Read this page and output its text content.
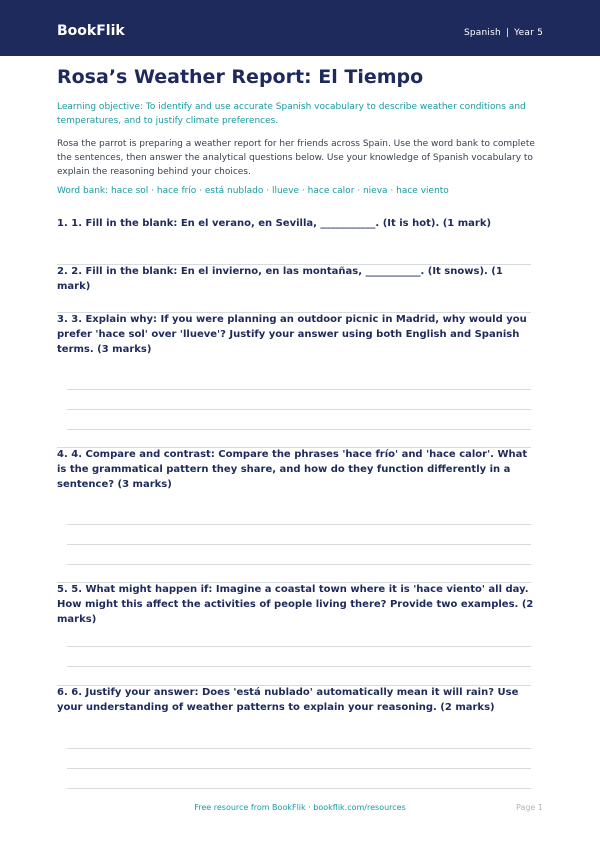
BookFlik	Spanish | Year 5
Rosa’s Weather Report: El Tiempo
Learning objective: To identify and use accurate Spanish vocabulary to describe weather conditions and temperatures, and to justify climate preferences.
Rosa the parrot is preparing a weather report for her friends across Spain. Use the word bank to complete the sentences, then answer the analytical questions below. Use your knowledge of Spanish vocabulary to explain the reasoning behind your choices.
Word bank: hace sol · hace frío · está nublado · llueve · hace calor · nieva · hace viento
1. 1. Fill in the blank: En el verano, en Sevilla, ___________. (It is hot). (1 mark)
2. 2. Fill in the blank: En el invierno, en las montañas, ___________. (It snows). (1 mark)
3. 3. Explain why: If you were planning an outdoor picnic in Madrid, why would you prefer 'hace sol' over 'llueve'? Justify your answer using both English and Spanish terms. (3 marks)
4. 4. Compare and contrast: Compare the phrases 'hace frío' and 'hace calor'. What is the grammatical pattern they share, and how do they function differently in a sentence? (3 marks)
5. 5. What might happen if: Imagine a coastal town where it is 'hace viento' all day. How might this affect the activities of people living there? Provide two examples. (2 marks)
6. 6. Justify your answer: Does 'está nublado' automatically mean it will rain? Use your understanding of weather patterns to explain your reasoning. (2 marks)
Free resource from BookFlik · bookflik.com/resources	Page 1
